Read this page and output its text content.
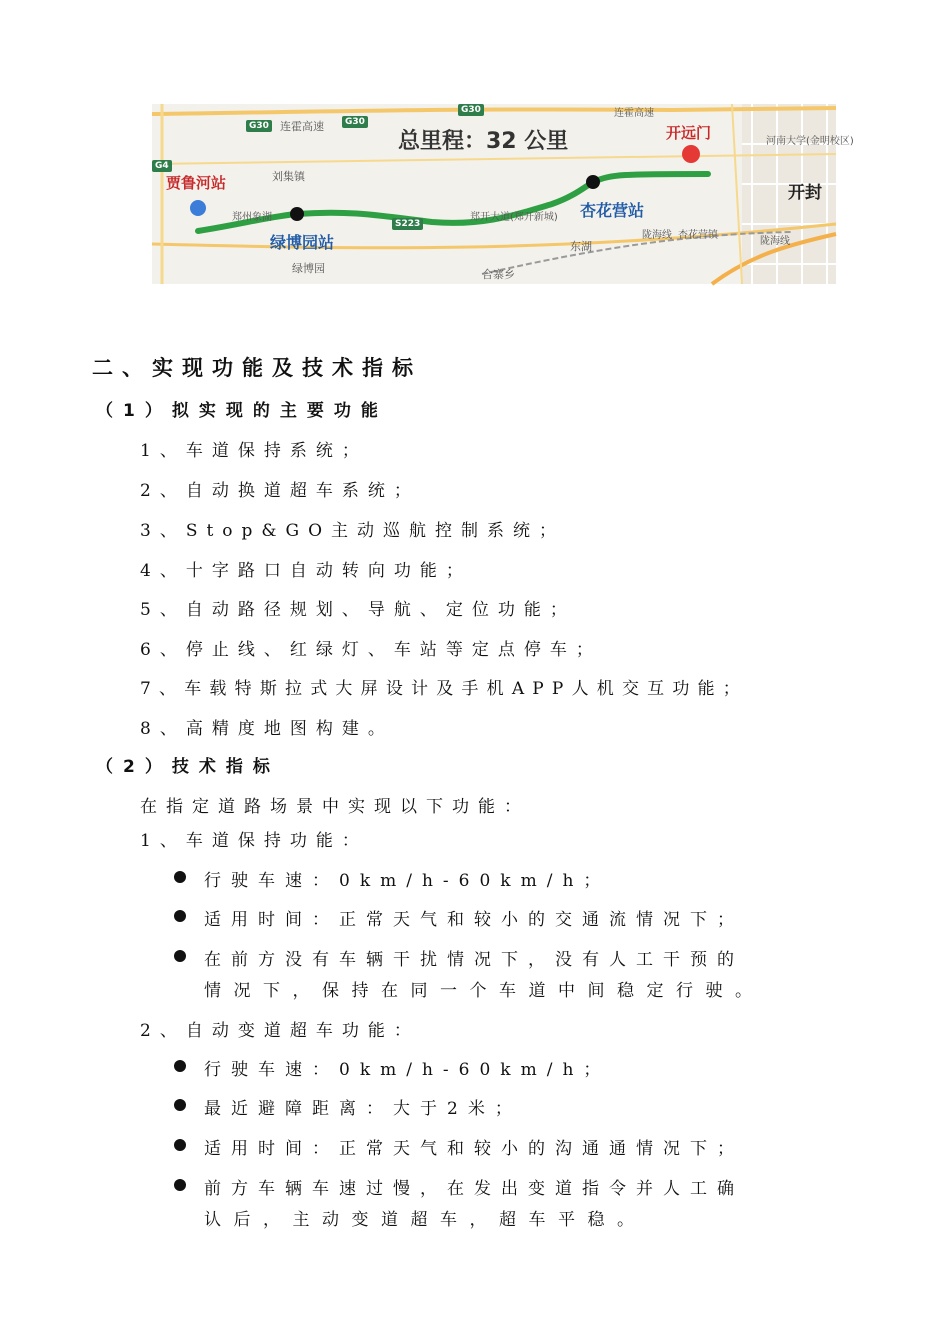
总里程：32 公里
贾鲁河站
绿博园站
杏花营站
开远门
开封
刘集镇
绿博园
河南大学(金明校区)
东湖
杏花营镇
合寨乡
郑州象湖
连霍高速
连霍高速
陇海线
陇海线
郑开大道(郑开新城)
G30	G30
G30
S223
G4
二、实现功能及技术指标
（1）拟实现的主要功能
1、车道保持系统；
2、自动换道超车系统；
3、Stop&GO主动巡航控制系统；
4、十字路口自动转向功能；
5、自动路径规划、导航、定位功能；
6、停止线、红绿灯、车站等定点停车；
7、车载特斯拉式大屏设计及手机APP人机交互功能；
8、高精度地图构建。
（2）技术指标
在指定道路场景中实现以下功能：
1、车道保持功能：
行驶车速：0km/h-60km/h；
适用时间：正常天气和较小的交通流情况下；
在前方没有车辆干扰情况下，没有人工干预的
情况下，保持在同一个车道中间稳定行驶。
2、自动变道超车功能：
行驶车速：0km/h-60km/h；
最近避障距离：大于2米；
适用时间：正常天气和较小的沟通通情况下；
前方车辆车速过慢，在发出变道指令并人工确
认后，主动变道超车，超车平稳。
